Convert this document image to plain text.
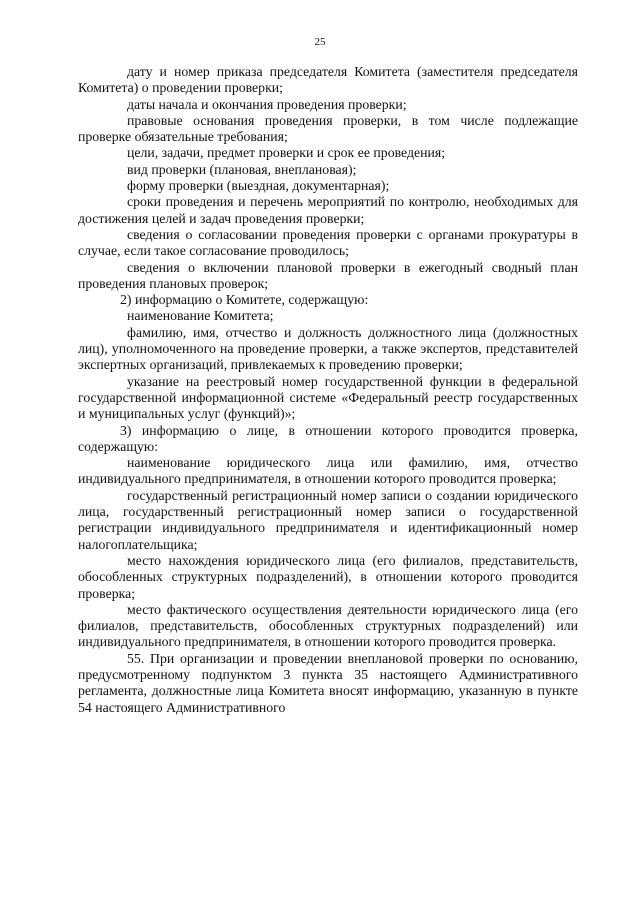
25

дату и номер приказа председателя Комитета (заместителя председателя Комитета) о проведении проверки;

даты начала и окончания проведения проверки;

правовые основания проведения проверки, в том числе подлежащие проверке обязательные требования;

цели, задачи, предмет проверки и срок ее проведения;

вид проверки (плановая, внеплановая);

форму проверки (выездная, документарная);

сроки проведения и перечень мероприятий по контролю, необходимых для достижения целей и задач проведения проверки;

сведения о согласовании проведения проверки с органами прокуратуры в случае, если такое согласование проводилось;

сведения о включении плановой проверки в ежегодный сводный план проведения плановых проверок;

2) информацию о Комитете, содержащую:

наименование Комитета;

фамилию, имя, отчество и должность должностного лица (должностных лиц), уполномоченного на проведение проверки, а также экспертов, представителей экспертных организаций, привлекаемых к проведению проверки;

указание на реестровый номер государственной функции в федеральной государственной информационной системе «Федеральный реестр государственных и муниципальных услуг (функций)»;

3) информацию о лице, в отношении которого проводится проверка, содержащую:

наименование юридического лица или фамилию, имя, отчество индивидуального предпринимателя, в отношении которого проводится проверка;

государственный регистрационный номер записи о создании юридического лица, государственный регистрационный номер записи о государственной регистрации индивидуального предпринимателя и идентификационный номер налогоплательщика;

место нахождения юридического лица (его филиалов, представительств, обособленных структурных подразделений), в отношении которого проводится проверка;

место фактического осуществления деятельности юридического лица (его филиалов, представительств, обособленных структурных подразделений) или индивидуального предпринимателя, в отношении которого проводится проверка.

55. При организации и проведении внеплановой проверки по основанию, предусмотренному подпунктом 3 пункта 35 настоящего Административного регламента, должностные лица Комитета вносят информацию, указанную в пункте 54 настоящего Административного
